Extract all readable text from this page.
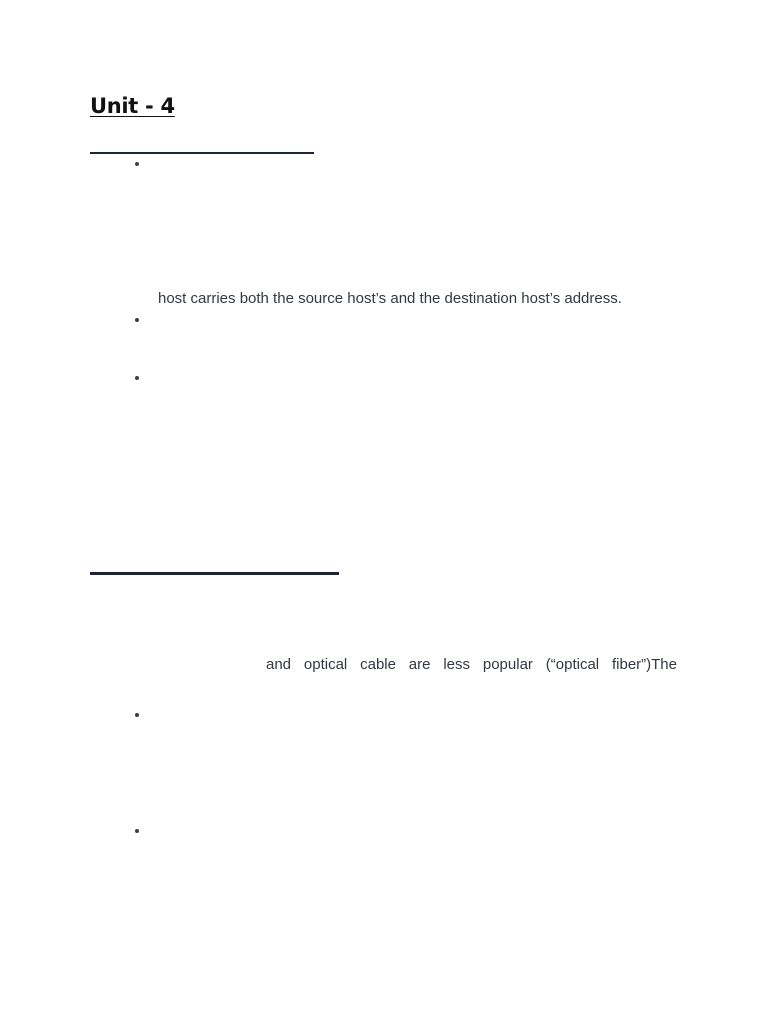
Unit - 4
host carries both the source host’s and the destination host’s address.
and optical cable are less popular (“optical fiber”)The
